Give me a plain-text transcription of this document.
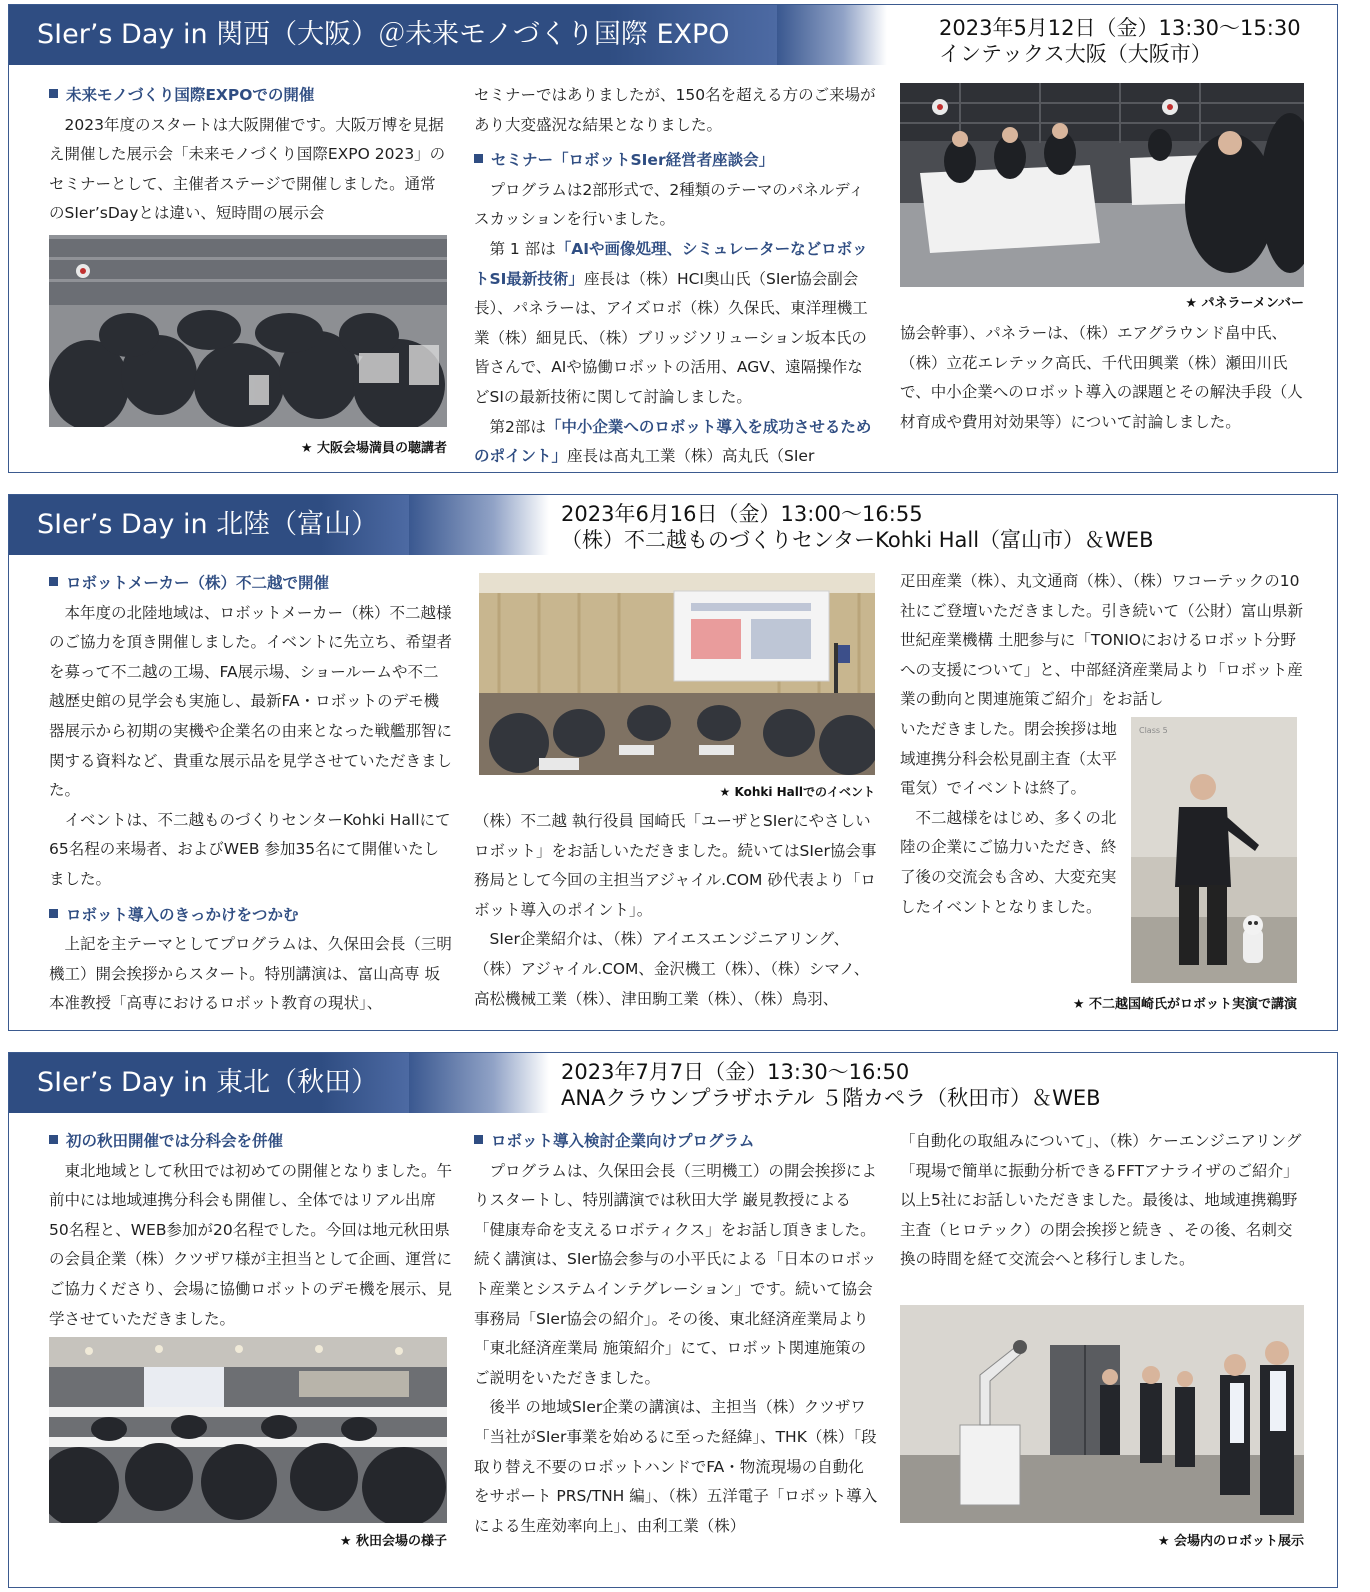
SIer’s Day in 関西（大阪）＠未来モノづくり国際 EXPO	2023年5月12日（金）13:30～15:30
インテックス大阪（大阪市）

未来モノづくり国際EXPOでの開催

2023年度のスタートは大阪開催です。大阪万博を見据え開催した展示会「未来モノづくり国際EXPO 2023」のセミナーとして、主催者ステージで開催しました。通常のSIer’sDayとは違い、短時間の展示会

★ 大阪会場満員の聴講者

セミナーではありましたが、150名を超える方のご来場があり大変盛況な結果となりました。

セミナー「ロボットSIer経営者座談会」

プログラムは2部形式で、2種類のテーマのパネルディスカッションを行いました。

第 1 部は「AIや画像処理、シミュレーターなどロボットSI最新技術」座長は（株）HCI奥山氏（SIer協会副会長）、パネラーは、アイズロボ（株）久保氏、東洋理機工業（株）細見氏、（株）ブリッジソリューション坂本氏の皆さんで、AIや協働ロボットの活用、AGV、遠隔操作などSIの最新技術に関して討論しました。

第2部は「中小企業へのロボット導入を成功させるためのポイント」座長は髙丸工業（株）高丸氏（SIer

★ パネラーメンバー

協会幹事）、パネラーは、（株）エアグラウンド畠中氏、（株）立花エレテック高氏、千代田興業（株）瀬田川氏で、中小企業へのロボット導入の課題とその解決手段（人材育成や費用対効果等）について討論しました。

SIer’s Day in 北陸（富山）	2023年6月16日（金）13:00～16:55
（株）不二越ものづくりセンターKohki Hall（富山市）＆WEB

ロボットメーカー（株）不二越で開催

本年度の北陸地域は、ロボットメーカー（株）不二越様のご協力を頂き開催しました。イベントに先立ち、希望者を募って不二越の工場、FA展示場、ショールームや不二越歴史館の見学会も実施し、最新FA・ロボットのデモ機器展示から初期の実機や企業名の由来となった戦艦那智に関する資料など、貴重な展示品を見学させていただきました。

イベントは、不二越ものづくりセンターKohki Hallにて65名程の来場者、およびWEB 参加35名にて開催いたしました。

ロボット導入のきっかけをつかむ

上記を主テーマとしてプログラムは、久保田会長（三明機工）開会挨拶からスタート。特別講演は、富山高専 坂本准教授「高専におけるロボット教育の現状」、

★ Kohki Hallでのイベント

（株）不二越 執行役員 国崎氏「ユーザとSIerにやさしいロボット」をお話しいただきました。続いてはSIer協会事務局として今回の主担当アジャイル.COM 砂代表より「ロボット導入のポイント」。

SIer企業紹介は、（株）アイエスエンジニアリング、（株）アジャイル.COM、金沢機工（株）、（株）シマノ、高松機械工業（株）、津田駒工業（株）、（株）鳥羽、

疋田産業（株）、丸文通商（株）、（株）ワコーテックの10社にご登壇いただきました。引き続いて（公財）富山県新世紀産業機構 土肥参与に「TONIOにおけるロボット分野への支援について」と、中部経済産業局より「ロボット産業の動向と関連施策ご紹介」をお話し

いただきました。閉会挨拶は地域連携分科会松見副主査（太平電気）でイベントは終了。

不二越様をはじめ、多くの北陸の企業にご協力いただき、終了後の交流会も含め、大変充実したイベントとなりました。

Class 5
★ 不二越国崎氏がロボット実演で講演
SIer’s Day in 東北（秋田）	2023年7月7日（金）13:30～16:50
ANAクラウンプラザホテル ５階カペラ（秋田市）＆WEB

初の秋田開催では分科会を併催

東北地域として秋田では初めての開催となりました。午前中には地域連携分科会も開催し、全体ではリアル出席50名程と、WEB参加が20名程でした。今回は地元秋田県の会員企業（株）クツザワ様が主担当として企画、運営にご協力くださり、会場に協働ロボットのデモ機を展示、見学させていただきました。

★ 秋田会場の様子

ロボット導入検討企業向けプログラム

プログラムは、久保田会長（三明機工）の開会挨拶によりスタートし、特別講演では秋田大学 巌見教授による「健康寿命を支えるロボティクス」をお話し頂きました。続く講演は、SIer協会参与の小平氏による「日本のロボット産業とシステムインテグレーション」です。続いて協会事務局「SIer協会の紹介」。その後、東北経済産業局より「東北経済産業局 施策紹介」にて、ロボット関連施策のご説明をいただきました。

後半 の地域SIer企業の講演は、主担当（株）クツザワ「当社がSIer事業を始めるに至った経緯」、THK（株）「段取り替え不要のロボットハンドでFA・物流現場の自動化をサポート PRS/TNH 編」、（株）五洋電子「ロボット導入による生産効率向上」、由利工業（株）

「自動化の取組みについて」、（株）ケーエンジニアリング「現場で簡単に振動分析できるFFTアナライザのご紹介」以上5社にお話しいただきました。最後は、地域連携鵜野主査（ヒロテック）の閉会挨拶と続き 、その後、名刺交換の時間を経て交流会へと移行しました。

★ 会場内のロボット展示
